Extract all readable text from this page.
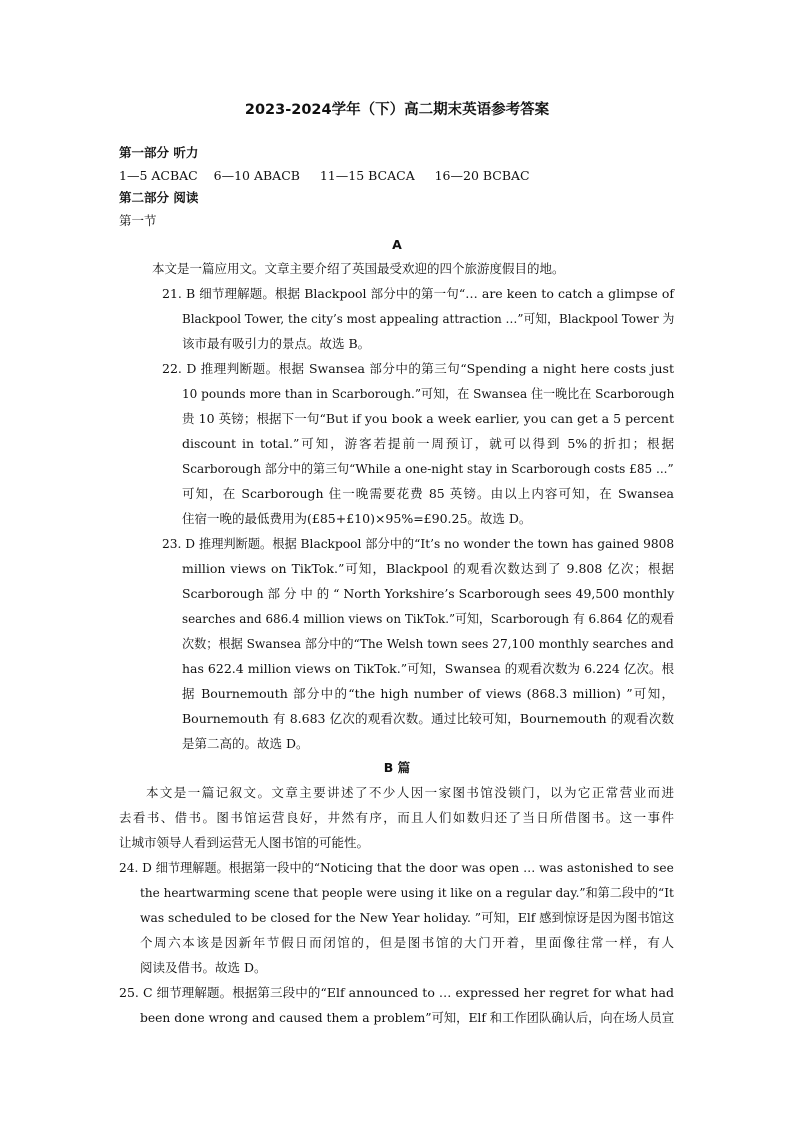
2023-2024学年（下）高二期末英语参考答案
第一部分 听力
1—5 ACBAC    6—10 ABACB     11—15 BCACA     16—20 BCBAC
第二部分 阅读
第一节
A
本文是一篇应用文。文章主要介绍了英国最受欢迎的四个旅游度假目的地。
21. B 细节理解题。根据 Blackpool 部分中的第一句“… are keen to catch a glimpse of
Blackpool Tower, the city’s most appealing attraction …”可知，Blackpool Tower 为
该市最有吸引力的景点。故选 B。
22. D 推理判断题。根据 Swansea 部分中的第三句“Spending a night here costs just
10 pounds more than in Scarborough.”可知，在 Swansea 住一晚比在 Scarborough
贵 10 英镑；根据下一句“But if you book a week earlier, you can get a 5 percent
discount in total.”可知，游客若提前一周预订，就可以得到 5%的折扣；根据
Scarborough 部分中的第三句“While a one-night stay in Scarborough costs £85 ...”
可知，在 Scarborough 住一晚需要花费 85 英镑。由以上内容可知，在 Swansea
住宿一晚的最低费用为(£85+£10)×95%=£90.25。故选 D。
23. D 推理判断题。根据 Blackpool 部分中的“It’s no wonder the town has gained 9808
million views on TikTok.”可知，Blackpool 的观看次数达到了 9.808 亿次；根据
Scarborough 部 分 中 的 “ North Yorkshire’s Scarborough sees 49,500 monthly
searches and 686.4 million views on TikTok.”可知，Scarborough 有 6.864 亿的观看
次数；根据 Swansea 部分中的“The Welsh town sees 27,100 monthly searches and
has 622.4 million views on TikTok.”可知，Swansea 的观看次数为 6.224 亿次。根
据 Bournemouth 部分中的“the high number of views (868.3 million) ”可知，
Bournemouth 有 8.683 亿次的观看次数。通过比较可知，Bournemouth 的观看次数
是第二高的。故选 D。
B 篇
本文是一篇记叙文。文章主要讲述了不少人因一家图书馆没锁门，以为它正常营业而进
去看书、借书。图书馆运营良好，井然有序，而且人们如数归还了当日所借图书。这一事件
让城市领导人看到运营无人图书馆的可能性。
24. D 细节理解题。根据第一段中的“Noticing that the door was open … was astonished to see
the heartwarming scene that people were using it like on a regular day.”和第二段中的“It
was scheduled to be closed for the New Year holiday. ”可知，Elf 感到惊讶是因为图书馆这
个周六本该是因新年节假日而闭馆的，但是图书馆的大门开着，里面像往常一样，有人
阅读及借书。故选 D。
25. C 细节理解题。根据第三段中的“Elf announced to … expressed her regret for what had
been done wrong and caused them a problem”可知，Elf 和工作团队确认后，向在场人员宣
